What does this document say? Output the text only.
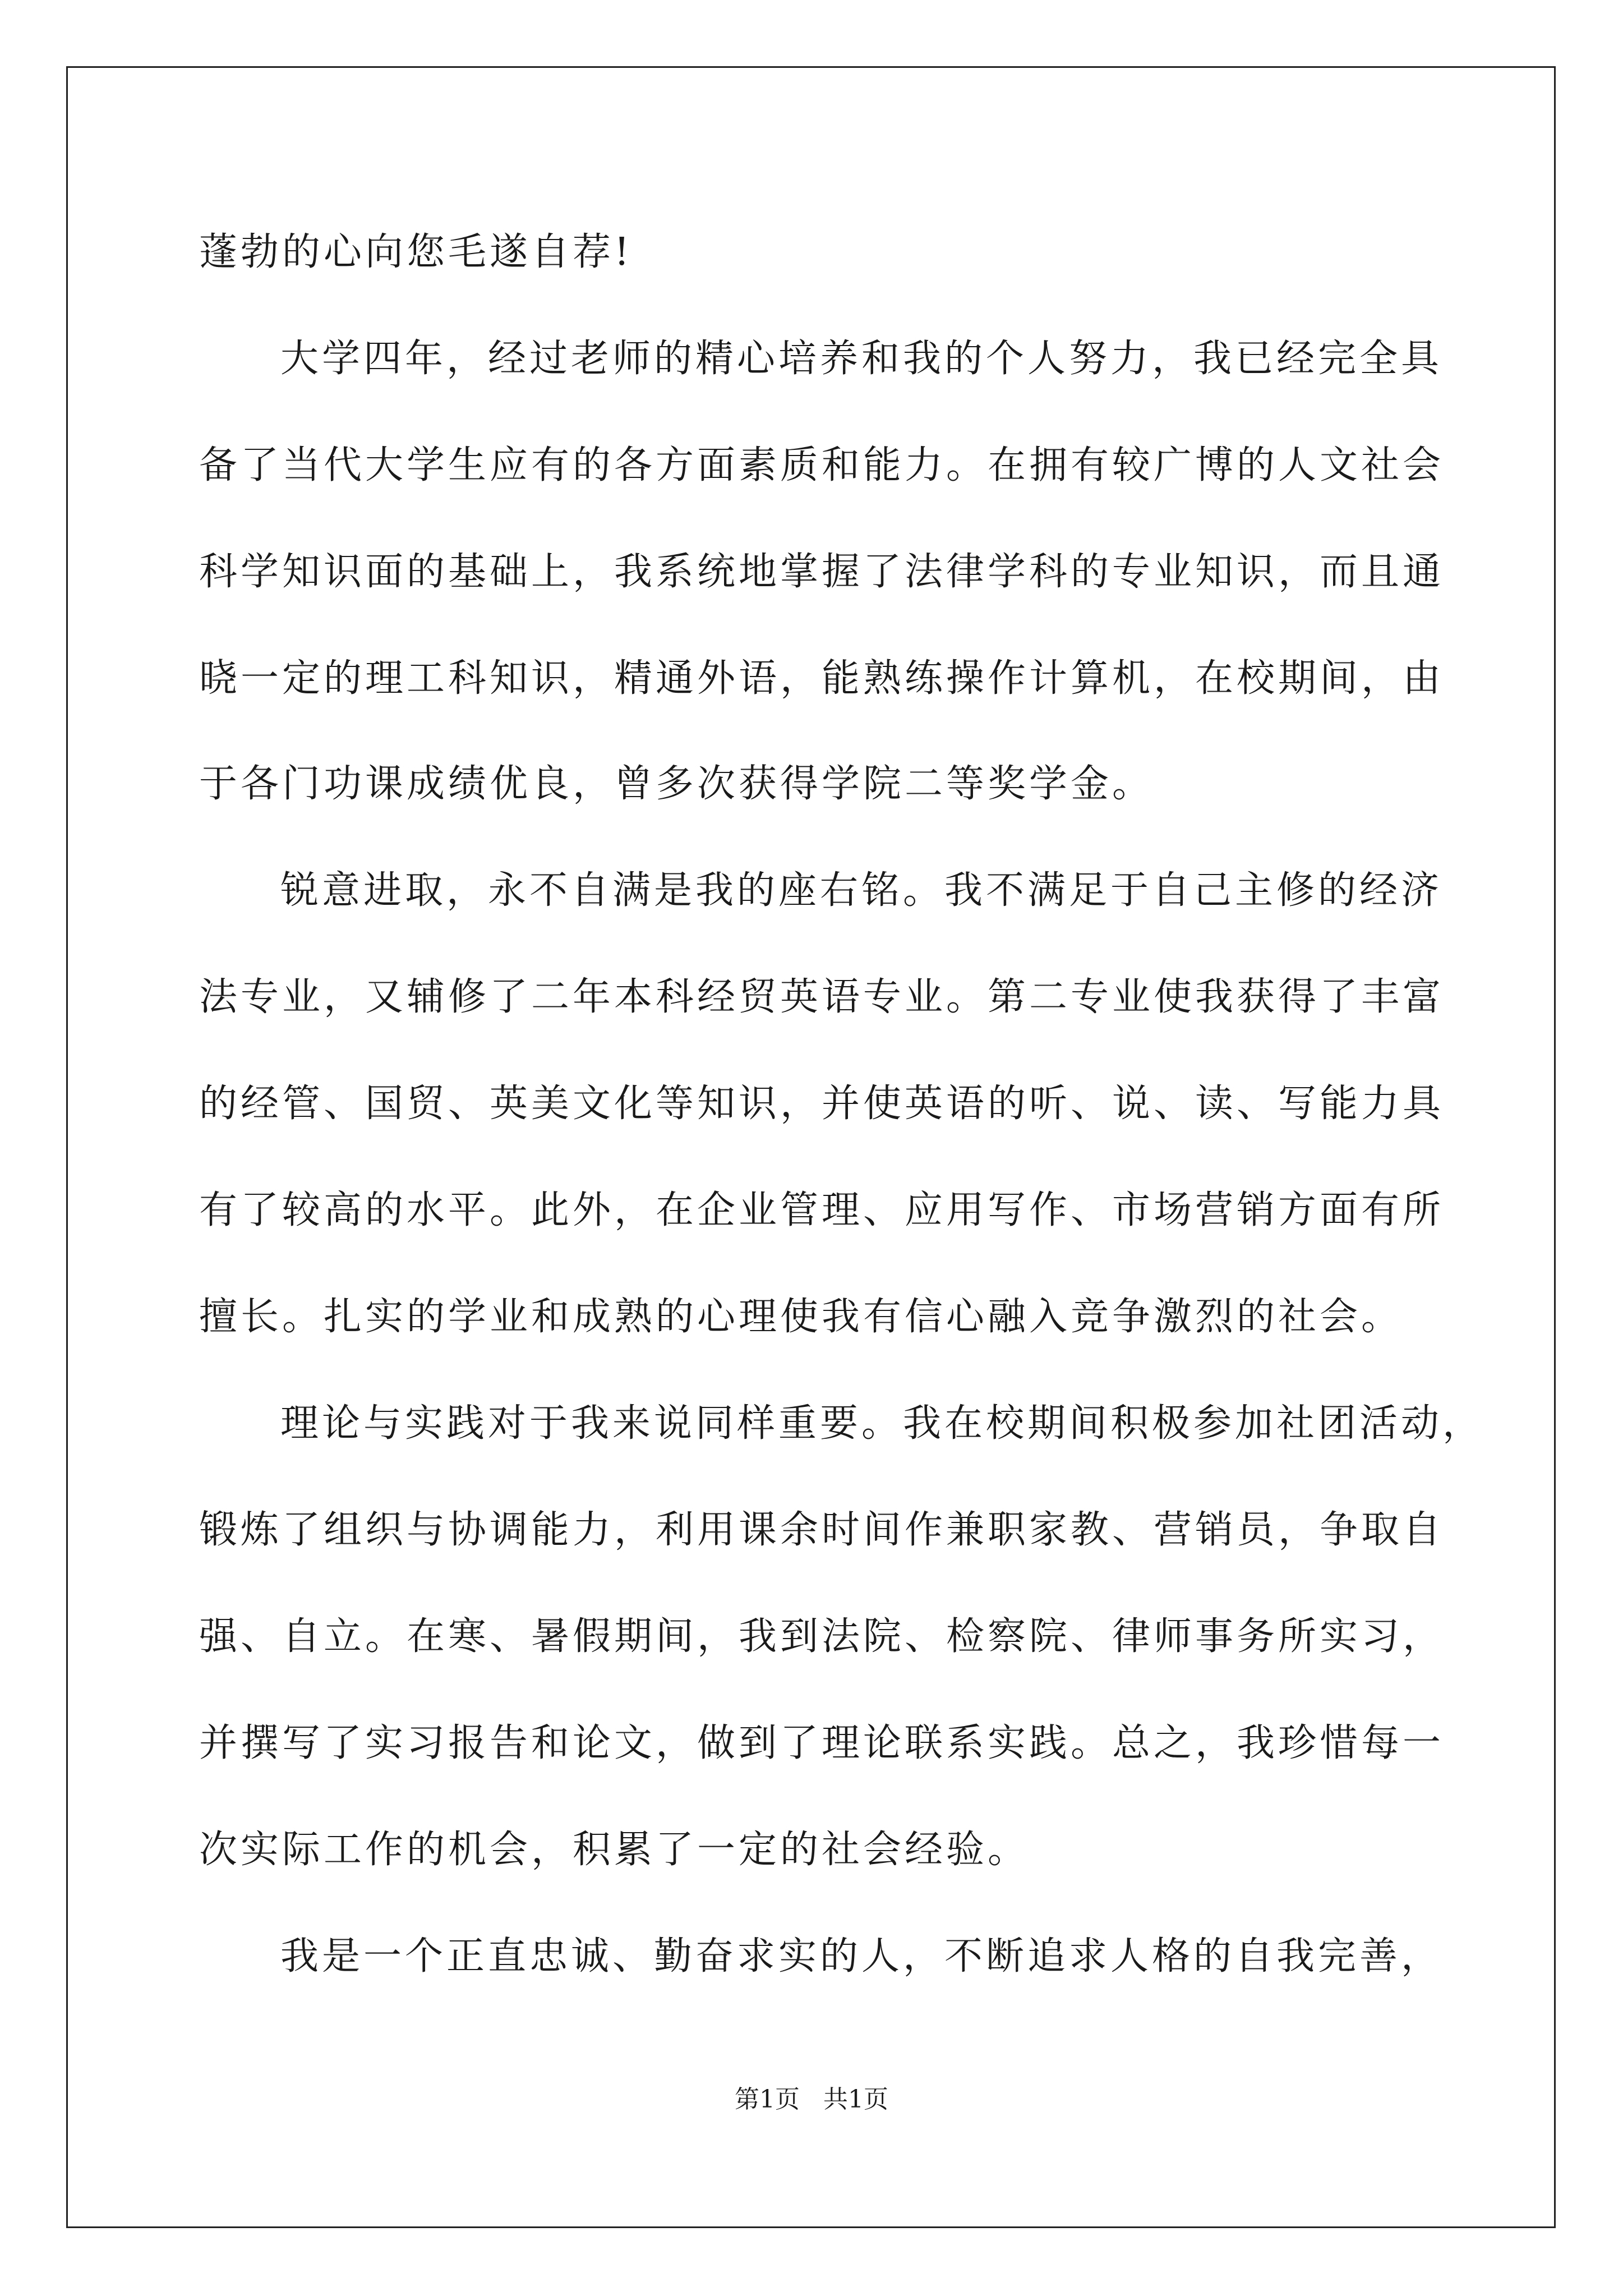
蓬勃的心向您毛遂自荐!
大学四年，经过老师的精心培养和我的个人努力，我已经完全具
备了当代大学生应有的各方面素质和能力。在拥有较广博的人文社会
科学知识面的基础上，我系统地掌握了法律学科的专业知识，而且通
晓一定的理工科知识，精通外语，能熟练操作计算机，在校期间，由
于各门功课成绩优良，曾多次获得学院二等奖学金。
锐意进取，永不自满是我的座右铭。我不满足于自己主修的经济
法专业，又辅修了二年本科经贸英语专业。第二专业使我获得了丰富
的经管、国贸、英美文化等知识，并使英语的听、说、读、写能力具
有了较高的水平。此外，在企业管理、应用写作、市场营销方面有所
擅长。扎实的学业和成熟的心理使我有信心融入竞争激烈的社会。
理论与实践对于我来说同样重要。我在校期间积极参加社团活动，
锻炼了组织与协调能力，利用课余时间作兼职家教、营销员，争取自
强、自立。在寒、暑假期间，我到法院、检察院、律师事务所实习，
并撰写了实习报告和论文，做到了理论联系实践。总之，我珍惜每一
次实际工作的机会，积累了一定的社会经验。
我是一个正直忠诚、勤奋求实的人，不断追求人格的自我完善，
第1页   共1页
